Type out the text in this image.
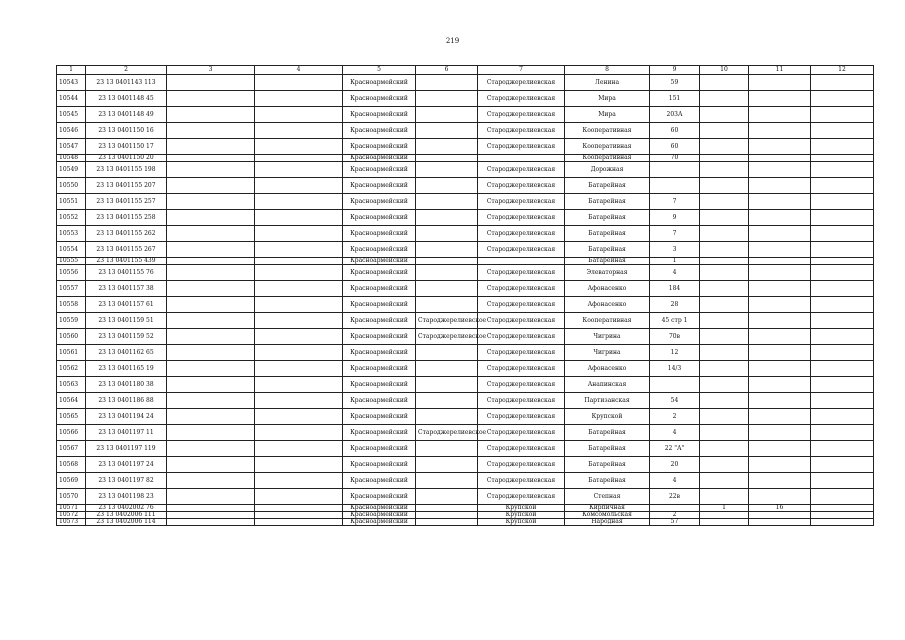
219
1	2	3	4	5	6	7	8	9	10	11	12
10543	23 13 0401143 113			Красноармейский		Староджерелиевская	Ленина	59			
10544	23 13 0401148 45			Красноармейский		Староджерелиевская	Мира	151			
10545	23 13 0401148 49			Красноармейский		Староджерелиевская	Мира	203А			
10546	23 13 0401150 16			Красноармейский		Староджерелиевская	Кооперативная	60			
10547	23 13 0401150 17			Красноармейский		Староджерелиевская	Кооперативная	60			
10548	23 13 0401150 20			Красноармейский			Кооперативная	70			
10549	23 13 0401155 198			Красноармейский		Староджерелиевская	Дорожная				
10550	23 13 0401155 207			Красноармейский		Староджерелиевская	Батарейная				
10551	23 13 0401155 257			Красноармейский		Староджерелиевская	Батарейная	7			
10552	23 13 0401155 258			Красноармейский		Староджерелиевская	Батарейная	9			
10553	23 13 0401155 262			Красноармейский		Староджерелиевская	Батарейная	7			
10554	23 13 0401155 267			Красноармейский		Староджерелиевская	Батарейная	3			
10555	23 13 0401155 439			Красноармейский			Батарейная	1			
10556	23 13 0401155 76			Красноармейский		Староджерелиевская	Элеваторная	4			
10557	23 13 0401157 38			Красноармейский		Староджерелиевская	Афонасенко	184			
10558	23 13 0401157 61			Красноармейский		Староджерелиевская	Афонасенко	28			
10559	23 13 0401159 51			Красноармейский	Староджерелиевское	Староджерелиевская	Кооперативная	45 стр 1			
10560	23 13 0401159 52			Красноармейский	Староджерелиевское	Староджерелиевская	Чигрина	70в			
10561	23 13 0401162 65			Красноармейский		Староджерелиевская	Чигрина	12			
10562	23 13 0401165 19			Красноармейский		Староджерелиевская	Афонасенко	14/3			
10563	23 13 0401180 38			Красноармейский		Староджерелиевская	Анапинская				
10564	23 13 0401186 88			Красноармейский		Староджерелиевская	Партизанская	54			
10565	23 13 0401194 24			Красноармейский		Староджерелиевская	Крупской	2			
10566	23 13 0401197 11			Красноармейский	Староджерелиевское	Староджерелиевская	Батарейная	4			
10567	23 13 0401197 119			Красноармейский		Староджерелиевская	Батарейная	22 "А"			
10568	23 13 0401197 24			Красноармейский		Староджерелиевская	Батарейная	20			
10569	23 13 0401197 82			Красноармейский		Староджерелиевская	Батарейная	4			
10570	23 13 0401198 23			Красноармейский		Староджерелиевская	Степная	22в			
10571	23 13 0402002 76			Красноармейский		Крупской	Кирпичная		1	16	
10572	23 13 0402006 111			Красноармейский		Крупской	Комсомольская	2			
10573	23 13 0402006 114			Красноармейский		Крупской	Народная	57			
